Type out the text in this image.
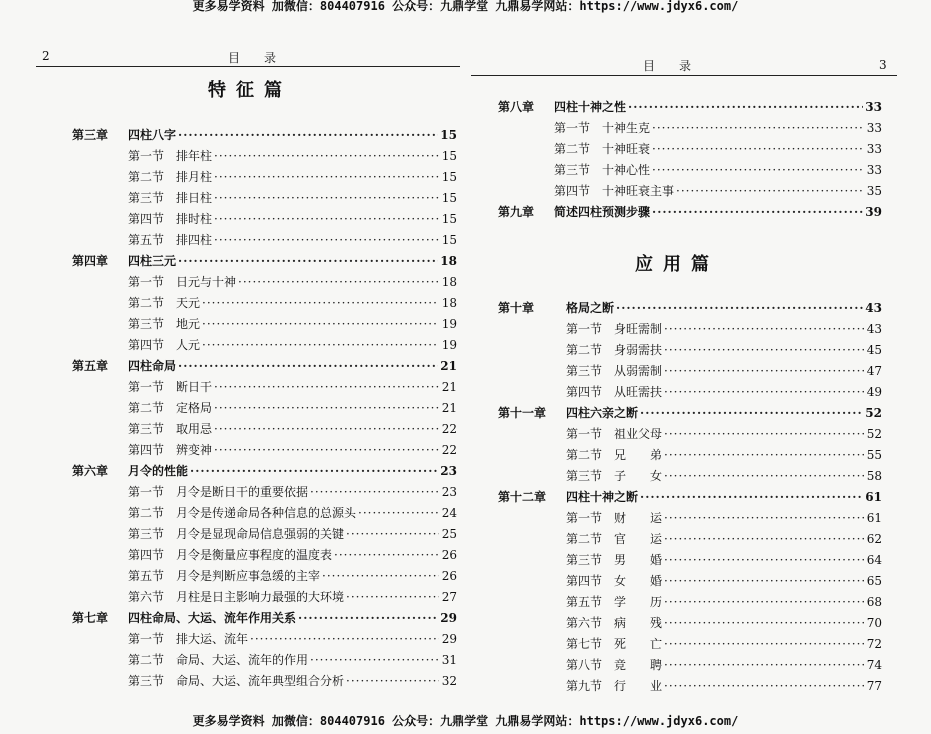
更多易学资料 加微信：804407916 公众号：九鼎学堂 九鼎易学网站：https://www.jdyx6.com/
2	目　　录
特征篇
第三章	四柱八字 ·····	15
第一节 排年柱 ·····	15
第二节 排月柱 ·····	15
第三节 排日柱 ·····	15
第四节 排时柱 ·····	15
第五节 排四柱 ·····	15
第四章	四柱三元 ·····	18
第一节 日元与十神 ·····	18
第二节 天元 ·····	18
第三节 地元 ·····	19
第四节 人元 ·····	19
第五章	四柱命局 ·····	21
第一节 断日干 ·····	21
第二节 定格局 ·····	21
第三节 取用忌 ·····	22
第四节 辨变神 ·····	22
第六章	月令的性能 ·····	23
第一节 月令是断日干的重要依据 ·····	23
第二节 月令是传递命局各种信息的总源头 ·····	24
第三节 月令是显现命局信息强弱的关键 ·····	25
第四节 月令是衡量应事程度的温度表 ·····	26
第五节 月令是判断应事急缓的主宰 ·····	26
第六节 月柱是日主影响力最强的大环境 ·····	27
第七章	四柱命局、大运、流年作用关系 ·····	29
第一节 排大运、流年 ·····	29
第二节 命局、大运、流年的作用 ·····	31
第三节 命局、大运、流年典型组合分析 ·····	32
目　　录	3
第八章	四柱十神之性 ·····	33
第一节 十神生克 ·····	33
第二节 十神旺衰 ·····	33
第三节 十神心性 ·····	33
第四节 十神旺衰主事 ·····	35
第九章	简述四柱预测步骤 ·····	39
应用篇
第十章	格局之断 ·····	43
第一节 身旺需制 ·····	43
第二节 身弱需扶 ·····	45
第三节 从弱需制 ·····	47
第四节 从旺需扶 ·····	49
第十一章	四柱六亲之断 ·····	52
第一节 祖业父母 ·····	52
第二节 兄　　弟 ·····	55
第三节 子　　女 ·····	58
第十二章	四柱十神之断 ·····	61
第一节 财　　运 ·····	61
第二节 官　　运 ·····	62
第三节 男　　婚 ·····	64
第四节 女　　婚 ·····	65
第五节 学　　历 ·····	68
第六节 病　　残 ·····	70
第七节 死　　亡 ·····	72
第八节 竞　　聘 ·····	74
第九节 行　　业 ·····	77
更多易学资料 加微信：804407916 公众号：九鼎学堂 九鼎易学网站：https://www.jdyx6.com/
